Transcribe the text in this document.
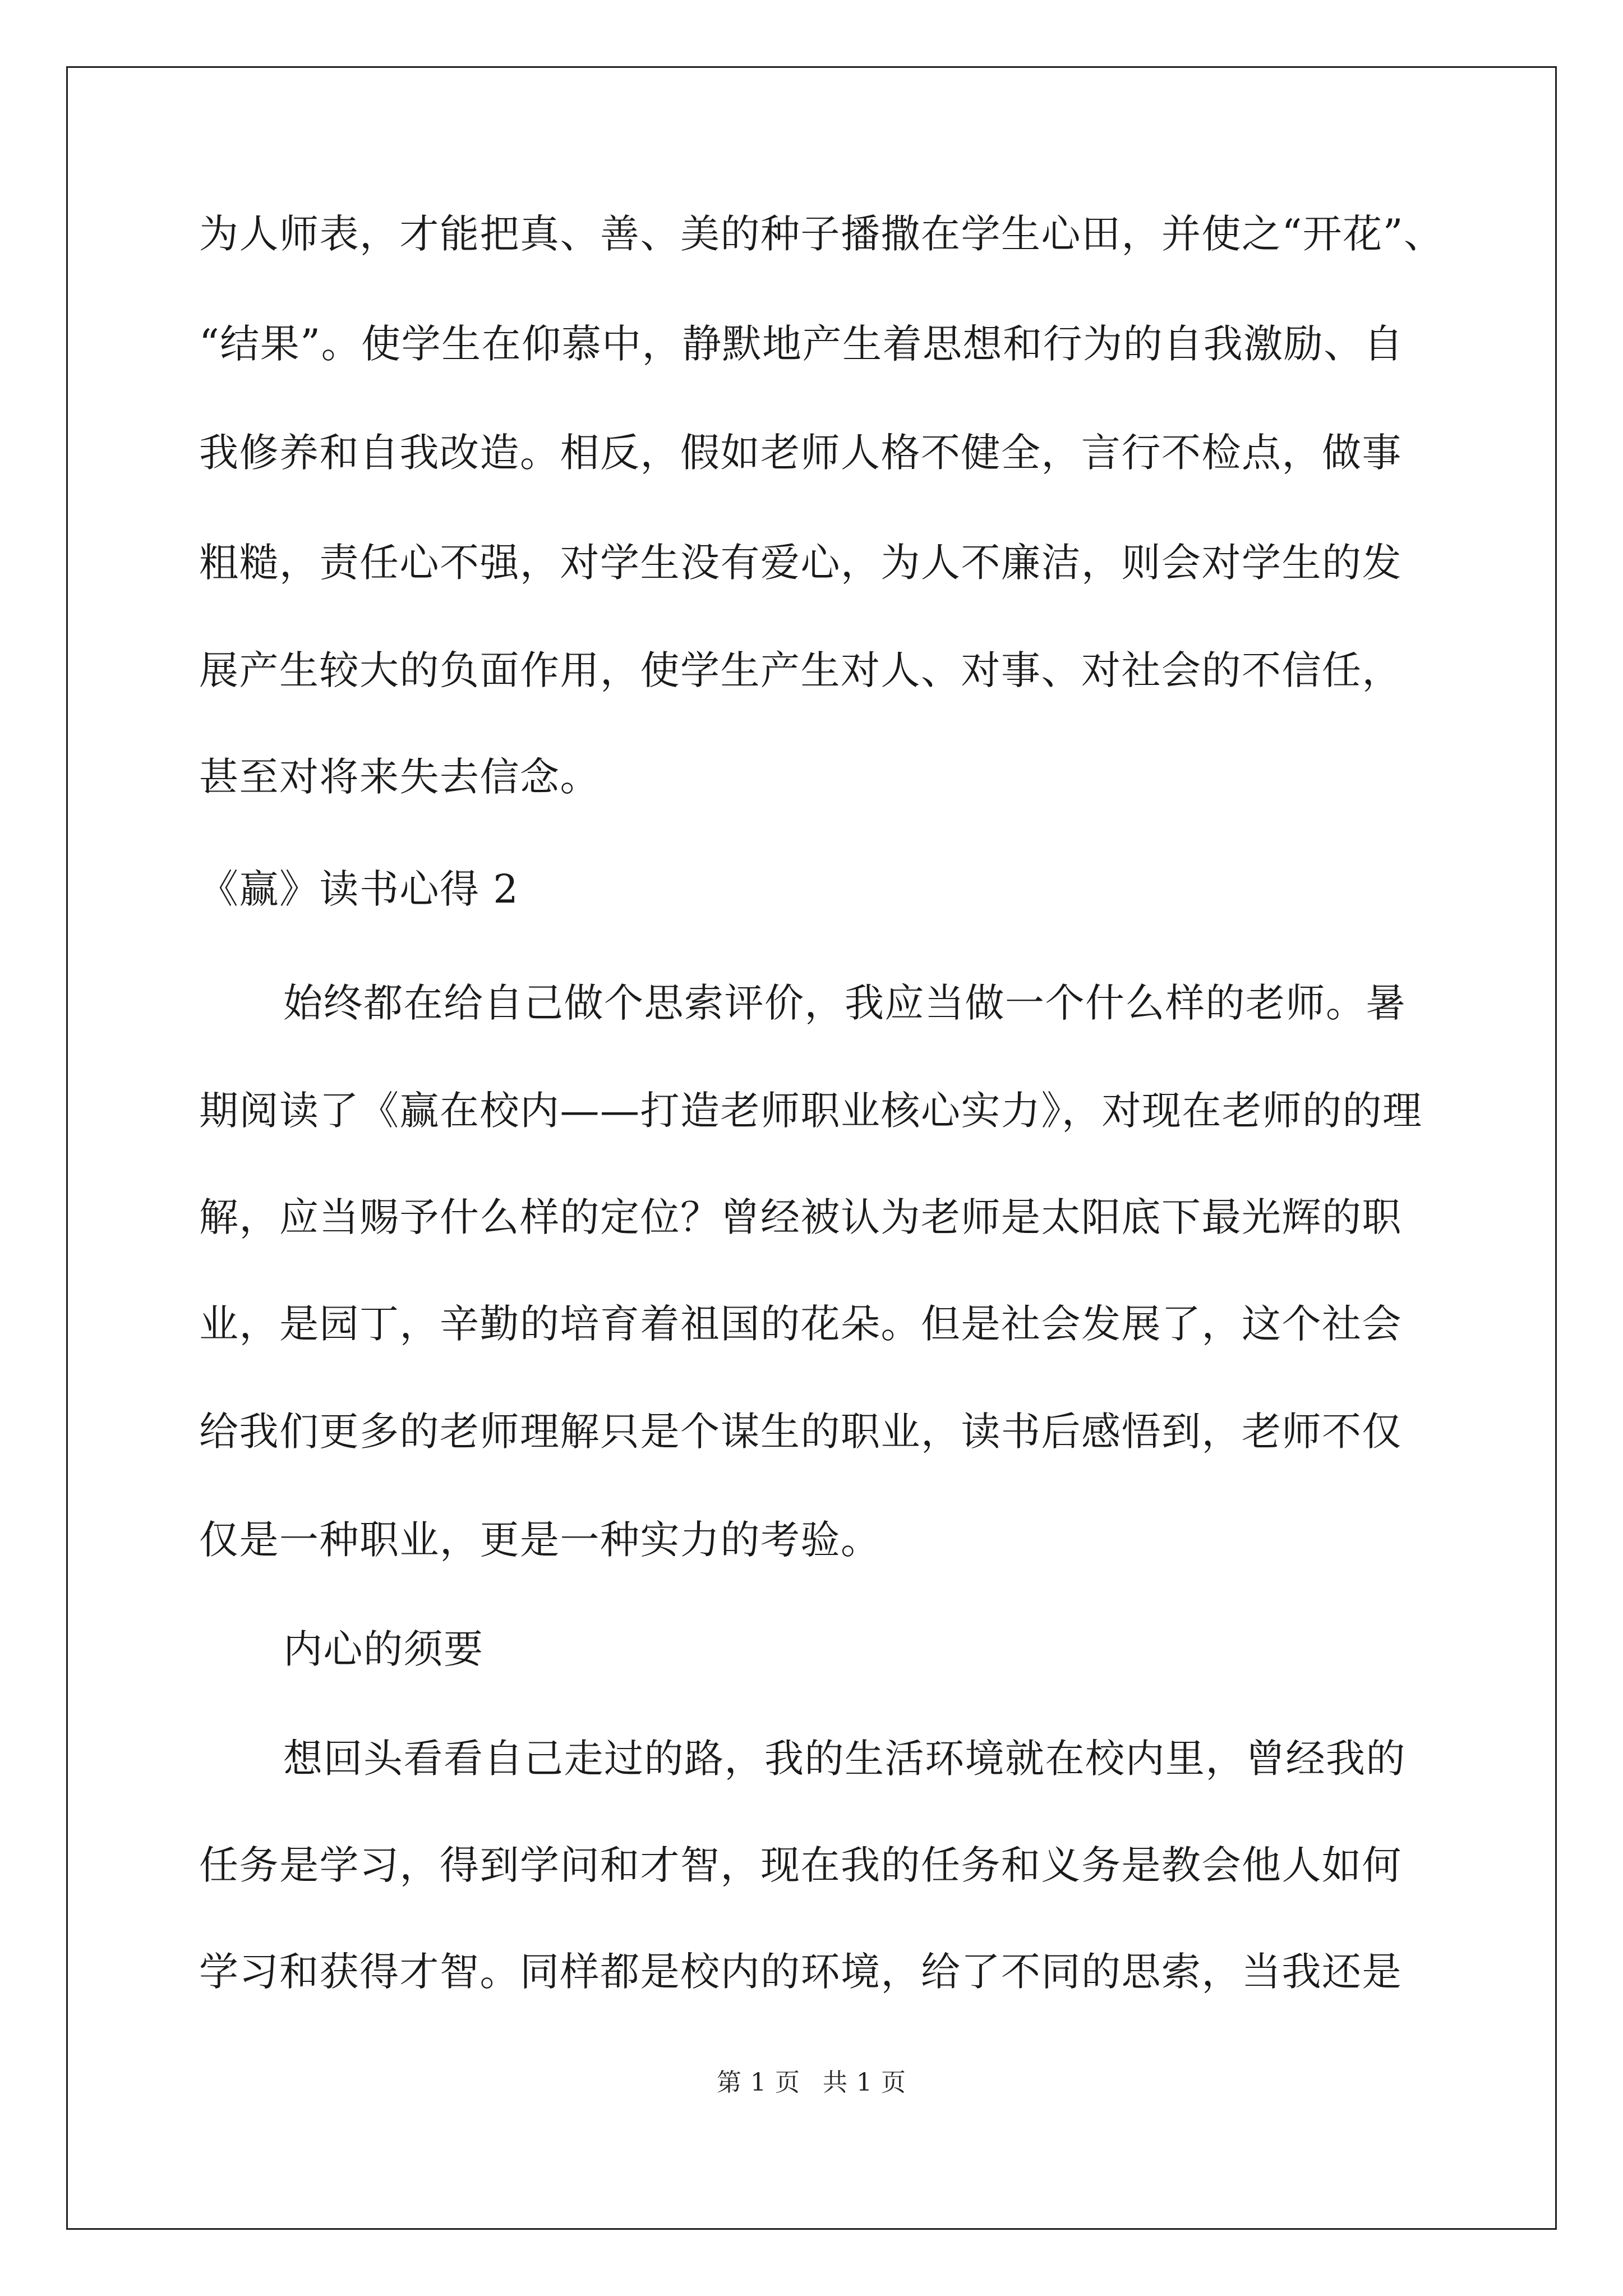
为人师表，才能把真、善、美的种子播撒在学生心田，并使之“开花”、

“结果”。使学生在仰慕中，静默地产生着思想和行为的自我激励、自

我修养和自我改造。相反，假如老师人格不健全，言行不检点，做事

粗糙，责任心不强，对学生没有爱心，为人不廉洁，则会对学生的发

展产生较大的负面作用，使学生产生对人、对事、对社会的不信任，

甚至对将来失去信念。

《赢》读书心得 2

始终都在给自己做个思索评价，我应当做一个什么样的老师。暑

期阅读了《赢在校内——打造老师职业核心实力》，对现在老师的的理

解，应当赐予什么样的定位？曾经被认为老师是太阳底下最光辉的职

业，是园丁，辛勤的培育着祖国的花朵。但是社会发展了，这个社会

给我们更多的老师理解只是个谋生的职业，读书后感悟到，老师不仅

仅是一种职业，更是一种实力的考验。

内心的须要

想回头看看自己走过的路，我的生活环境就在校内里，曾经我的

任务是学习，得到学问和才智，现在我的任务和义务是教会他人如何

学习和获得才智。同样都是校内的环境，给了不同的思索，当我还是

第 1 页 共 1 页
